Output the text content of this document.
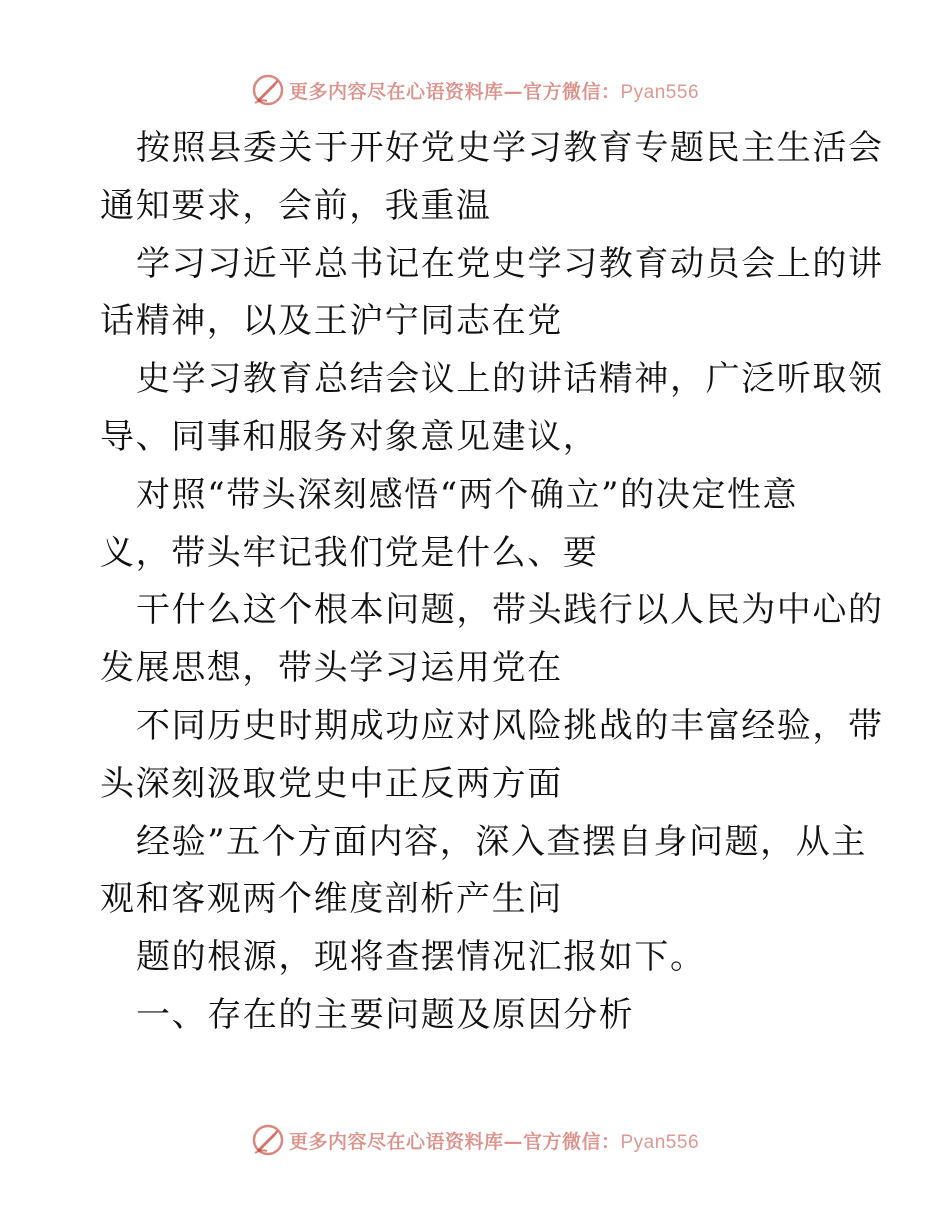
更多内容尽在心语资料库—官方微信：Pyan556
按照县委关于开好党史学习教育专题民主生活会
通知要求，会前，我重温
学习习近平总书记在党史学习教育动员会上的讲
话精神，以及王沪宁同志在党
史学习教育总结会议上的讲话精神，广泛听取领
导、同事和服务对象意见建议，
对照“带头深刻感悟“两个确立”的决定性意
义，带头牢记我们党是什么、要
干什么这个根本问题，带头践行以人民为中心的
发展思想，带头学习运用党在
不同历史时期成功应对风险挑战的丰富经验，带
头深刻汲取党史中正反两方面
经验”五个方面内容，深入查摆自身问题，从主
观和客观两个维度剖析产生问
题的根源，现将查摆情况汇报如下。
一、存在的主要问题及原因分析
更多内容尽在心语资料库—官方微信：Pyan556
